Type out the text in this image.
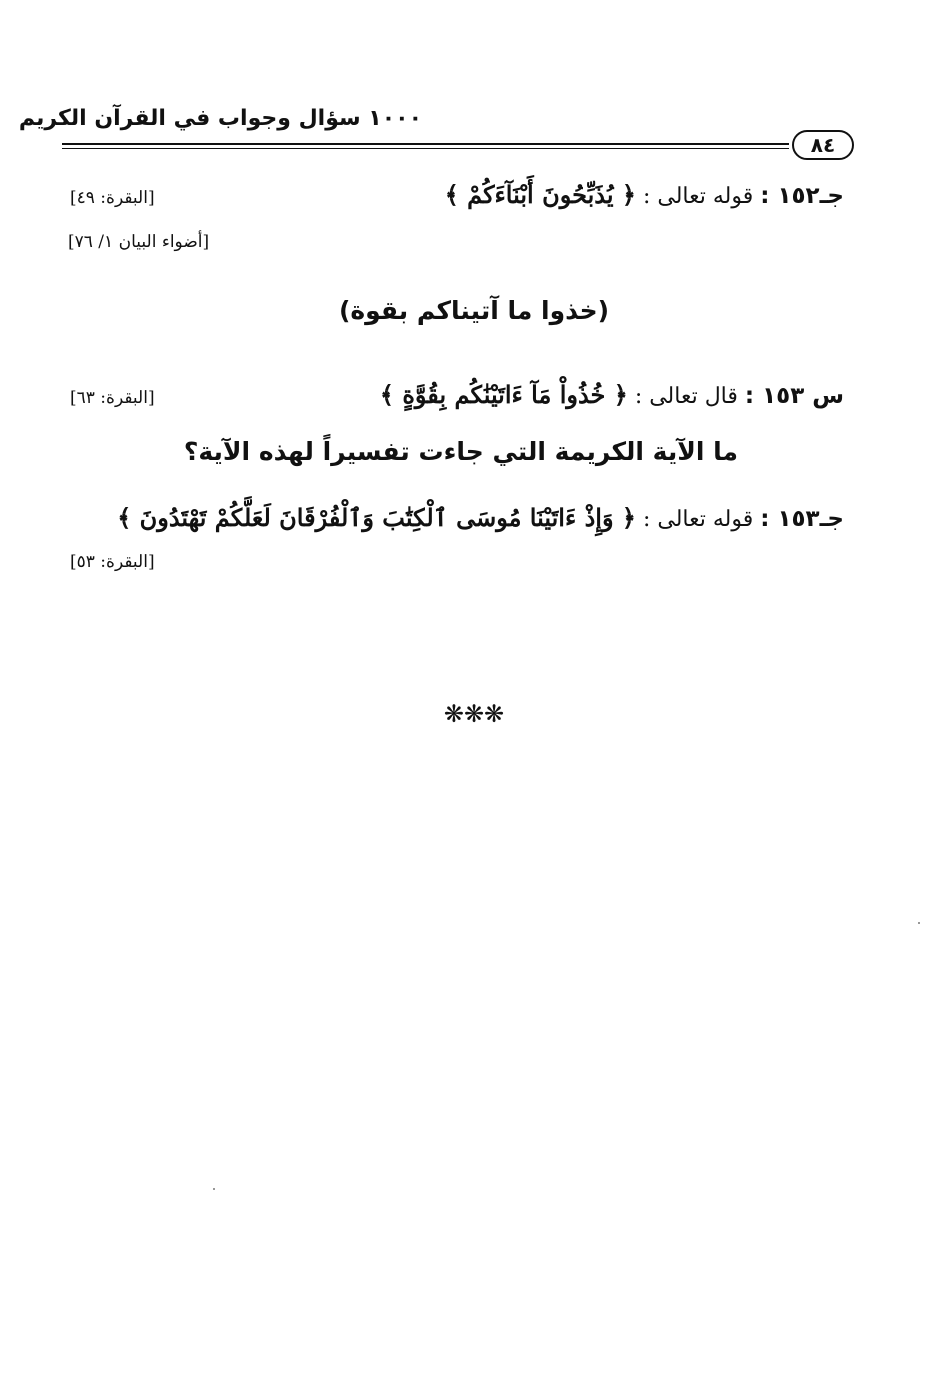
١٠٠٠ سؤال وجواب في القرآن الكريم
٨٤
جـ١٥٢ : قوله تعالى : ﴿ يُذَبِّحُونَ أَبْنَآءَكُمْ ﴾
[البقرة: ٤٩]
[أضواء البيان ١/ ٧٦]
(خذوا ما آتيناكم بقوة)
س ١٥٣ : قال تعالى : ﴿ خُذُواْ مَآ ءَاتَيْنَٰكُم بِقُوَّةٍ ﴾
[البقرة: ٦٣]
ما الآية الكريمة التي جاءت تفسيراً لهذه الآية؟
جـ١٥٣ : قوله تعالى : ﴿ وَإِذْ ءَاتَيْنَا مُوسَى ٱلْكِتَٰبَ وَٱلْفُرْقَانَ لَعَلَّكُمْ تَهْتَدُونَ ﴾
[البقرة: ٥٣]
❋❋❋
